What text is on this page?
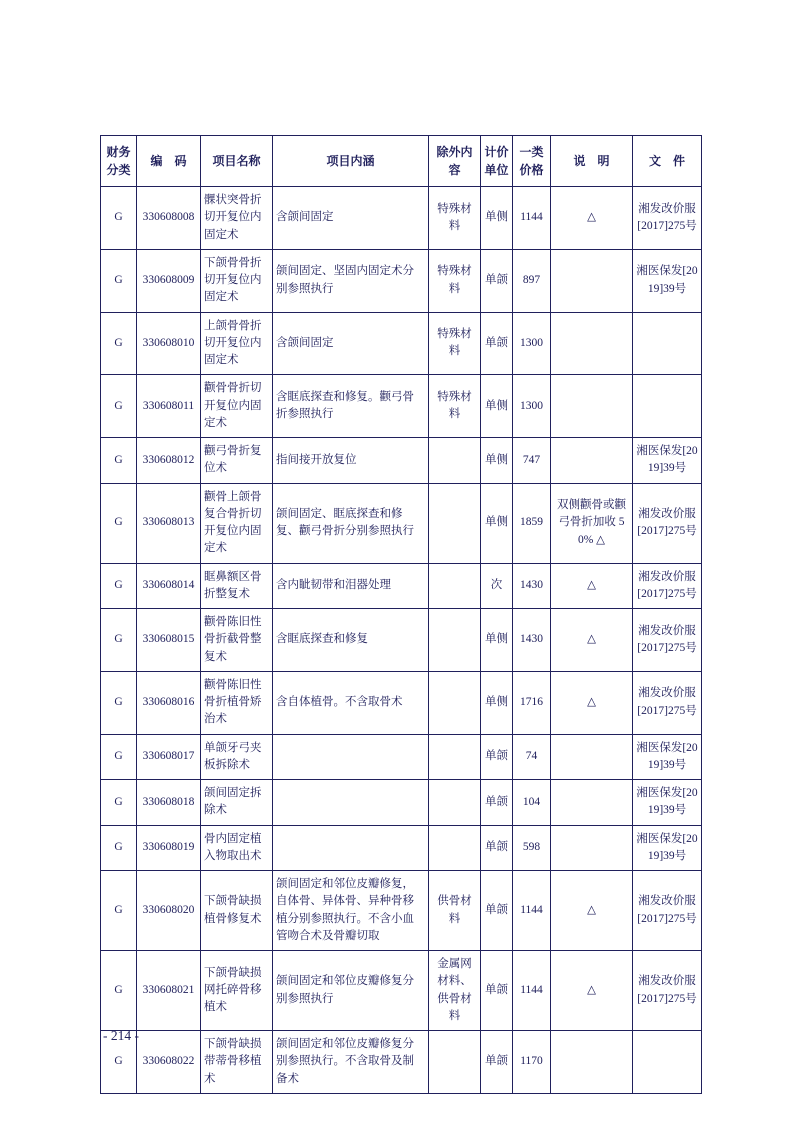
财务分类	编　码	项目名称	项目内涵	除外内容	计价单位	一类价格	说　明	文　件
G	330608008	髁状突骨折切开复位内固定术	含颌间固定	特殊材料	单侧	1144	△	湘发改价服[2017]275号
G	330608009	下颌骨骨折切开复位内固定术	颌间固定、坚固内固定术分别参照执行	特殊材料	单颌	897		湘医保发[2019]39号
G	330608010	上颌骨骨折切开复位内固定术	含颌间固定	特殊材料	单颌	1300		
G	330608011	颧骨骨折切开复位内固定术	含眶底探查和修复。颧弓骨折参照执行	特殊材料	单侧	1300		
G	330608012	颧弓骨折复位术	指间接开放复位		单侧	747		湘医保发[2019]39号
G	330608013	颧骨上颌骨复合骨折切开复位内固定术	颌间固定、眶底探查和修复、颧弓骨折分别参照执行		单侧	1859	双侧颧骨或颧弓骨折加收 50% △	湘发改价服[2017]275号
G	330608014	眶鼻额区骨折整复术	含内眦韧带和泪器处理		次	1430	△	湘发改价服[2017]275号
G	330608015	颧骨陈旧性骨折截骨整复术	含眶底探查和修复		单侧	1430	△	湘发改价服[2017]275号
G	330608016	颧骨陈旧性骨折植骨矫治术	含自体植骨。不含取骨术		单侧	1716	△	湘发改价服[2017]275号
G	330608017	单颌牙弓夹板拆除术			单颌	74		湘医保发[2019]39号
G	330608018	颌间固定拆除术			单颌	104		湘医保发[2019]39号
G	330608019	骨内固定植入物取出术			单颌	598		湘医保发[2019]39号
G	330608020	下颌骨缺损植骨修复术	颌间固定和邻位皮瓣修复，自体骨、异体骨、异种骨移植分别参照执行。不含小血管吻合术及骨瓣切取	供骨材料	单颌	1144	△	湘发改价服[2017]275号
G	330608021	下颌骨缺损网托碎骨移植术	颌间固定和邻位皮瓣修复分别参照执行	金属网材料、供骨材料	单颌	1144	△	湘发改价服[2017]275号
G	330608022	下颌骨缺损带蒂骨移植术	颌间固定和邻位皮瓣修复分别参照执行。不含取骨及制备术		单颌	1170		
- 214 -
